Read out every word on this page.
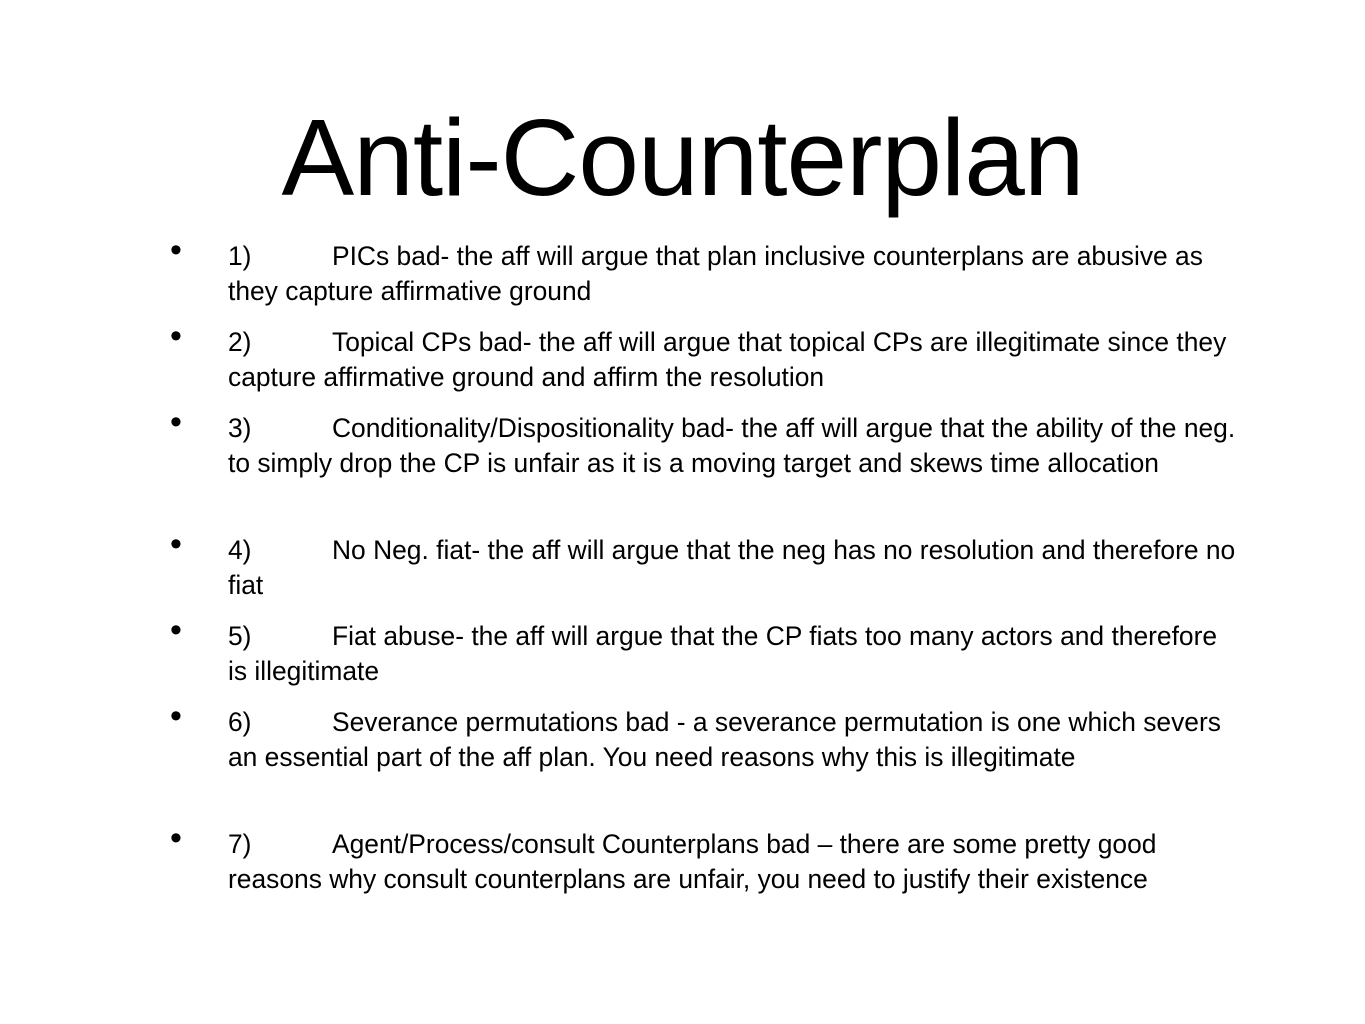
Anti-Counterplan
• 1)	PICs bad- the aff will argue that plan inclusive counterplans are abusive as they capture affirmative ground
• 2)	Topical CPs bad- the aff will argue that topical CPs are illegitimate since they capture affirmative ground and affirm the resolution
• 3)	Conditionality/Dispositionality bad- the aff will argue that the ability of the neg. to simply drop the CP is unfair as it is a moving target and skews time allocation
• 4)	No Neg. fiat- the aff will argue that the neg has no resolution and therefore no fiat
• 5)	Fiat abuse- the aff will argue that the CP fiats too many actors and therefore is illegitimate
• 6)	Severance permutations bad - a severance permutation is one which severs an essential part of the aff plan. You need reasons why this is illegitimate
• 7)	Agent/Process/consult Counterplans bad – there are some pretty good reasons why consult counterplans are unfair, you need to justify their existence
